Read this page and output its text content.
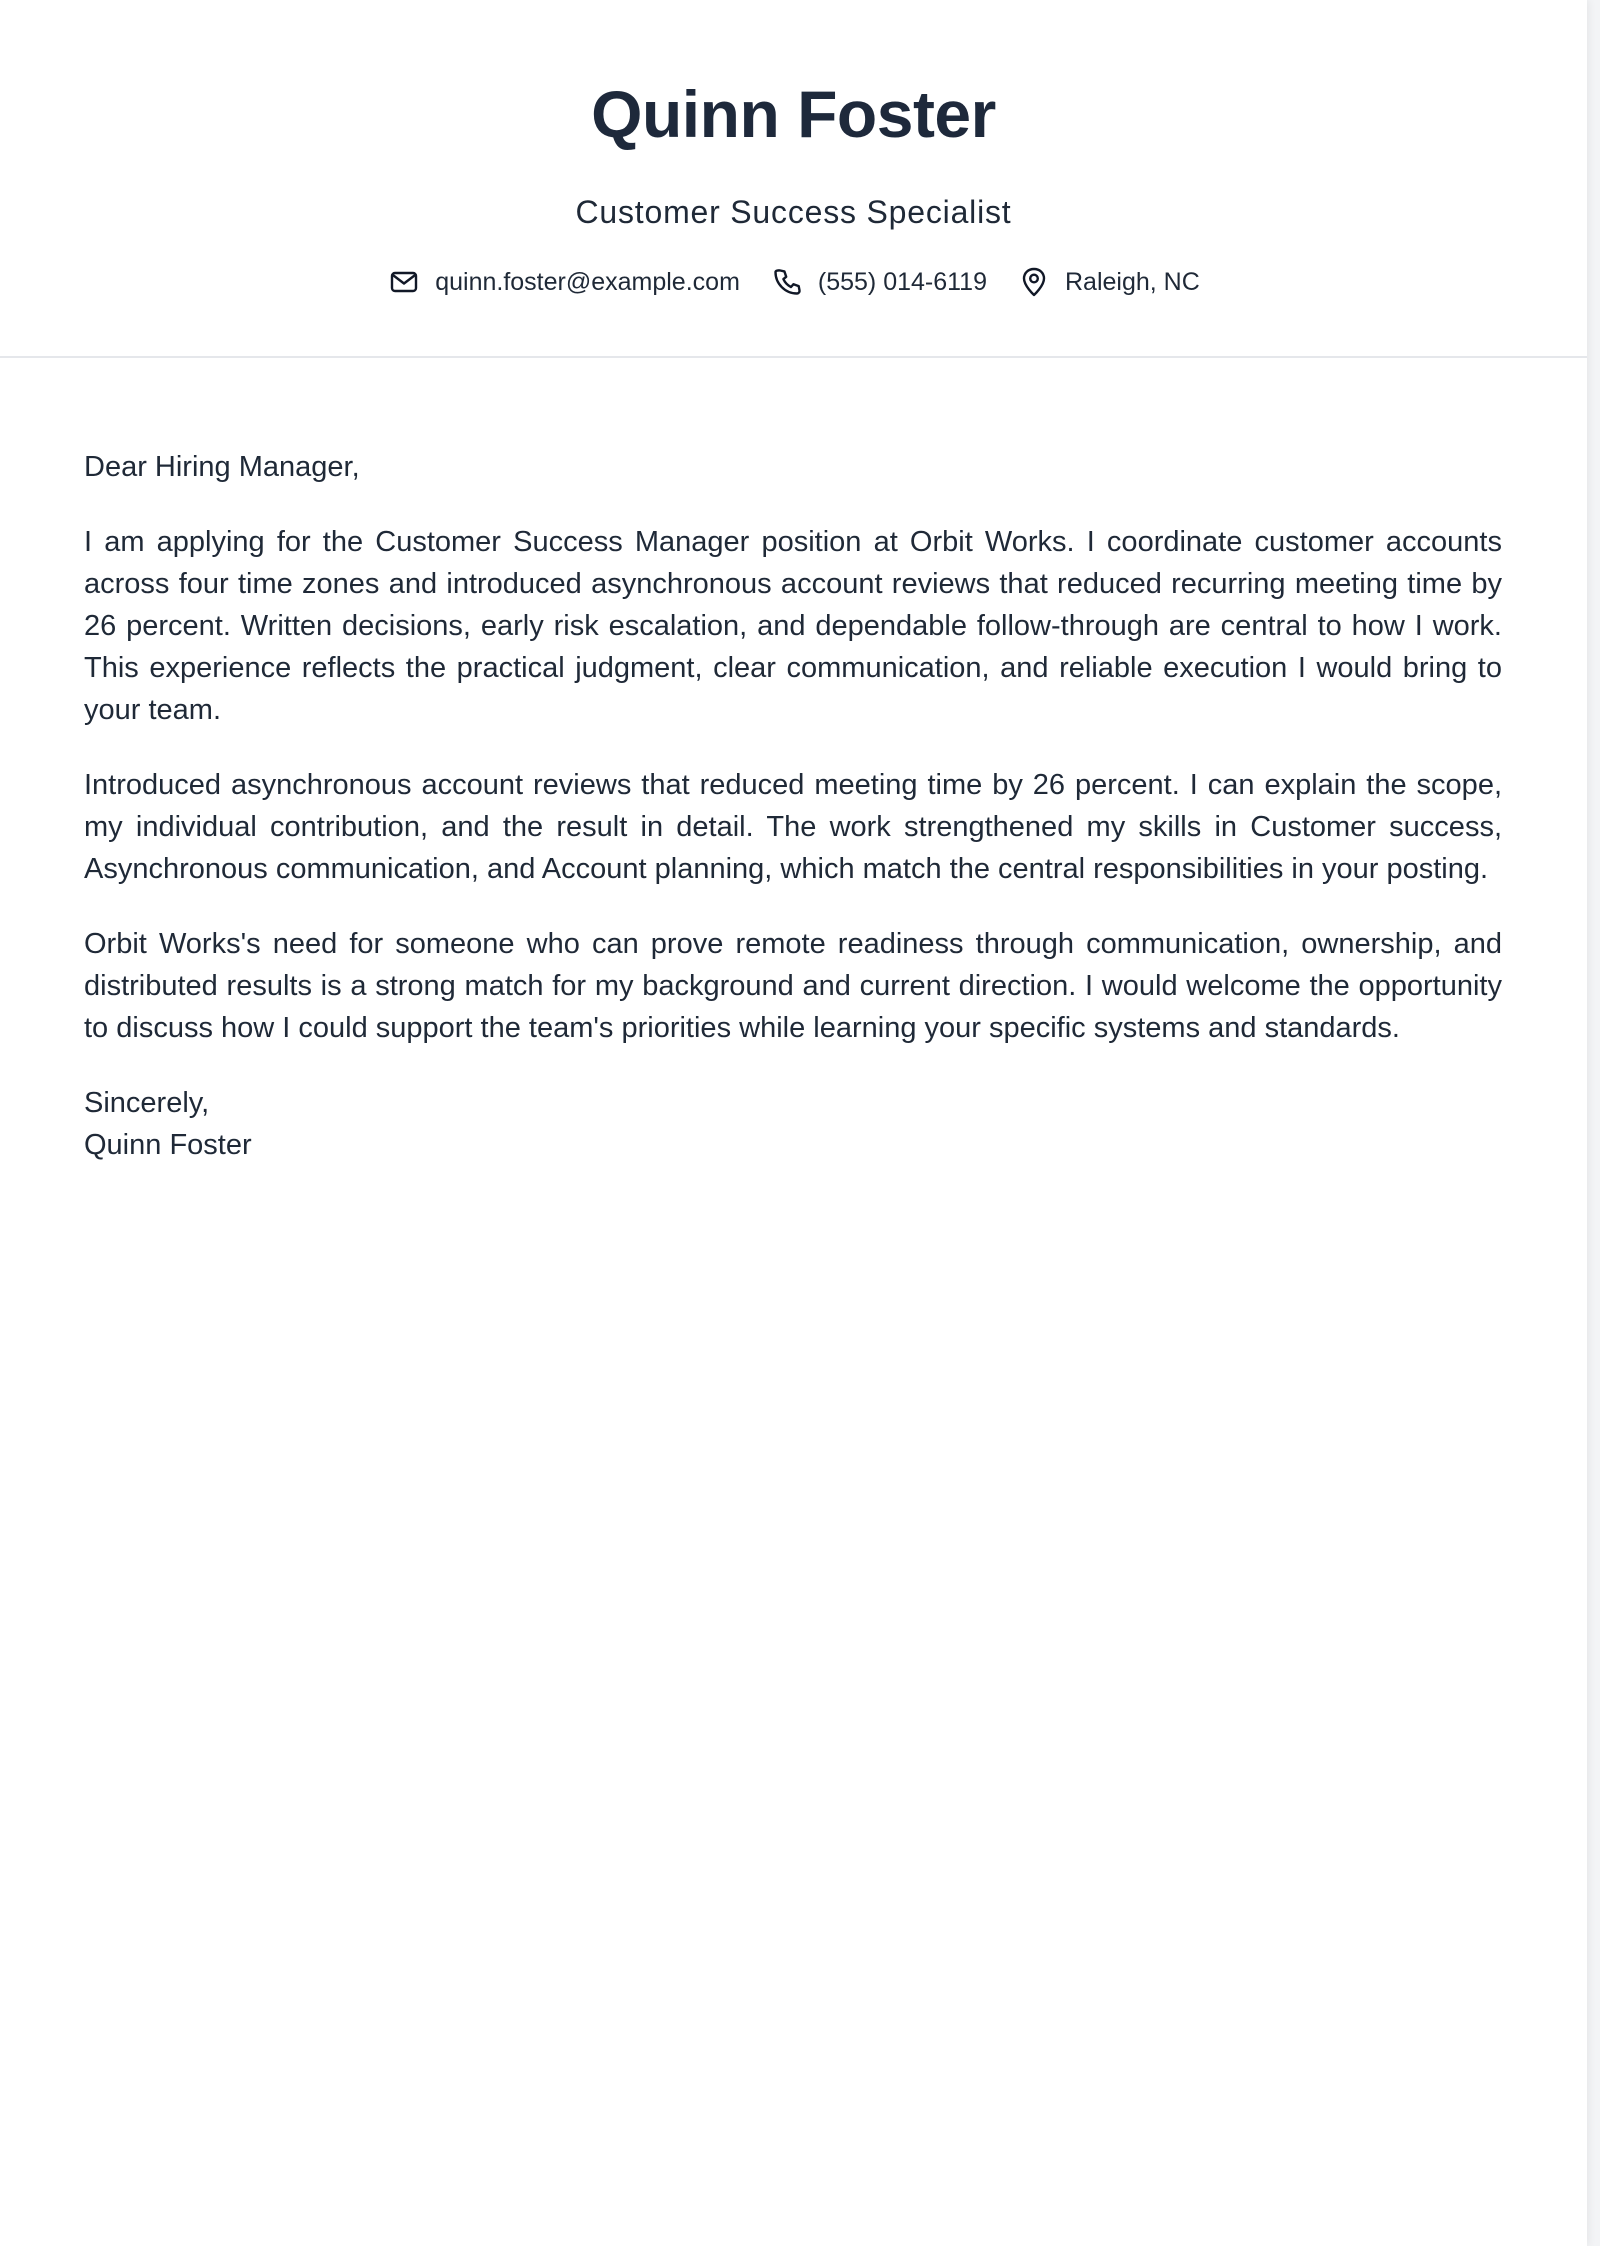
Quinn Foster
Customer Success Specialist
quinn.foster@example.com	(555) 014-6119	Raleigh, NC

Dear Hiring Manager,

I am applying for the Customer Success Manager position at Orbit Works. I coordinate customer accounts across four time zones and introduced asynchronous account reviews that reduced recurring meeting time by 26 percent. Written decisions, early risk escalation, and dependable follow-through are central to how I work. This experience reflects the practical judgment, clear communication, and reliable execution I would bring to your team.

Introduced asynchronous account reviews that reduced meeting time by 26 percent. I can explain the scope, my individual contribution, and the result in detail. The work strengthened my skills in Customer success, Asynchronous communication, and Account planning, which match the central responsibilities in your posting.

Orbit Works's need for someone who can prove remote readiness through communication, ownership, and distributed results is a strong match for my background and current direction. I would welcome the opportunity to discuss how I could support the team's priorities while learning your specific systems and standards.

Sincerely,

Quinn Foster
